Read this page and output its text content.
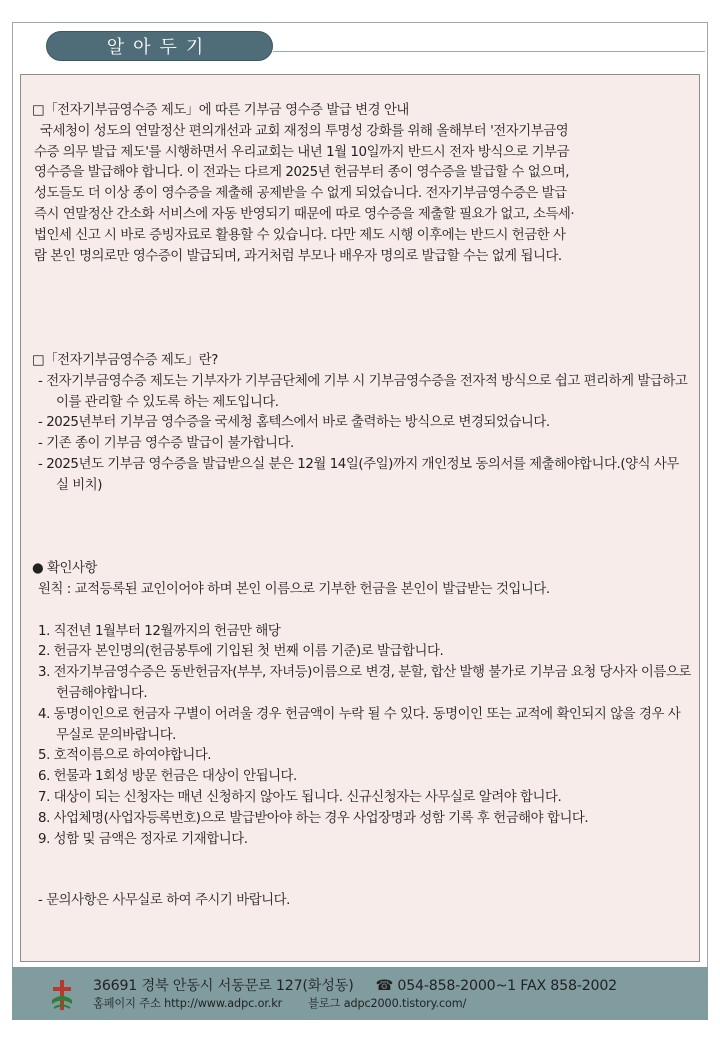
알아두기
□「전자기부금영수증 제도」에 따른 기부금 영수증 발급 변경 안내
국세청이 성도의 연말정산 편의개선과 교회 재정의 투명성 강화를 위해 올해부터 '전자기부금영
수증 의무 발급 제도'를 시행하면서 우리교회는 내년 1월 10일까지 반드시 전자 방식으로 기부금
영수증을 발급해야 합니다. 이 전과는 다르게 2025년 헌금부터 종이 영수증을 발급할 수 없으며,
성도들도 더 이상 종이 영수증을 제출해 공제받을 수 없게 되었습니다. 전자기부금영수증은 발급
즉시 연말정산 간소화 서비스에 자동 반영되기 때문에 따로 영수증을 제출할 필요가 없고, 소득세·
법인세 신고 시 바로 증빙자료로 활용할 수 있습니다. 다만 제도 시행 이후에는 반드시 헌금한 사
람 본인 명의로만 영수증이 발급되며, 과거처럼 부모나 배우자 명의로 발급할 수는 없게 됩니다.
□「전자기부금영수증 제도」란?
- 전자기부금영수증 제도는 기부자가 기부금단체에 기부 시 기부금영수증을 전자적 방식으로 쉽고 편리하게 발급하고 이를 관리할 수 있도록 하는 제도입니다.
- 2025년부터 기부금 영수증을 국세청 홈텍스에서 바로 출력하는 방식으로 변경되었습니다.
- 기존 종이 기부금 영수증 발급이 불가합니다.
- 2025년도 기부금 영수증을 발급받으실 분은 12월 14일(주일)까지 개인정보 동의서를 제출해야합니다.(양식 사무실 비치)
● 확인사항
원칙 : 교적등록된 교인이어야 하며 본인 이름으로 기부한 헌금을 본인이 발급받는 것입니다.
1. 직전년 1월부터 12월까지의 헌금만 해당
2. 헌금자 본인명의(헌금봉투에 기입된 첫 번째 이름 기준)로 발급합니다.
3. 전자기부금영수증은 동반헌금자(부부, 자녀등)이름으로 변경, 분할, 합산 발행 불가로 기부금 요청 당사자 이름으로 헌금해야합니다.
4. 동명이인으로 헌금자 구별이 어려울 경우 헌금액이 누락 될 수 있다. 동명이인 또는 교적에 확인되지 않을 경우 사무실로 문의바랍니다.
5. 호적이름으로 하여야합니다.
6. 헌물과 1회성 방문 헌금은 대상이 안됩니다.
7. 대상이 되는 신청자는 매년 신청하지 않아도 됩니다. 신규신청자는 사무실로 알려야 합니다.
8. 사업체명(사업자등록번호)으로 발급받아야 하는 경우 사업장명과 성함 기록 후 헌금해야 합니다.
9. 성함 및 금액은 정자로 기재합니다.
- 문의사항은 사무실로 하여 주시기 바랍니다.
36691 경북 안동시 서동문로 127(화성동) ☎ 054-858-2000~1 FAX 858-2002
홈페이지 주소 http://www.adpc.or.kr 블로그 adpc2000.tistory.com/
